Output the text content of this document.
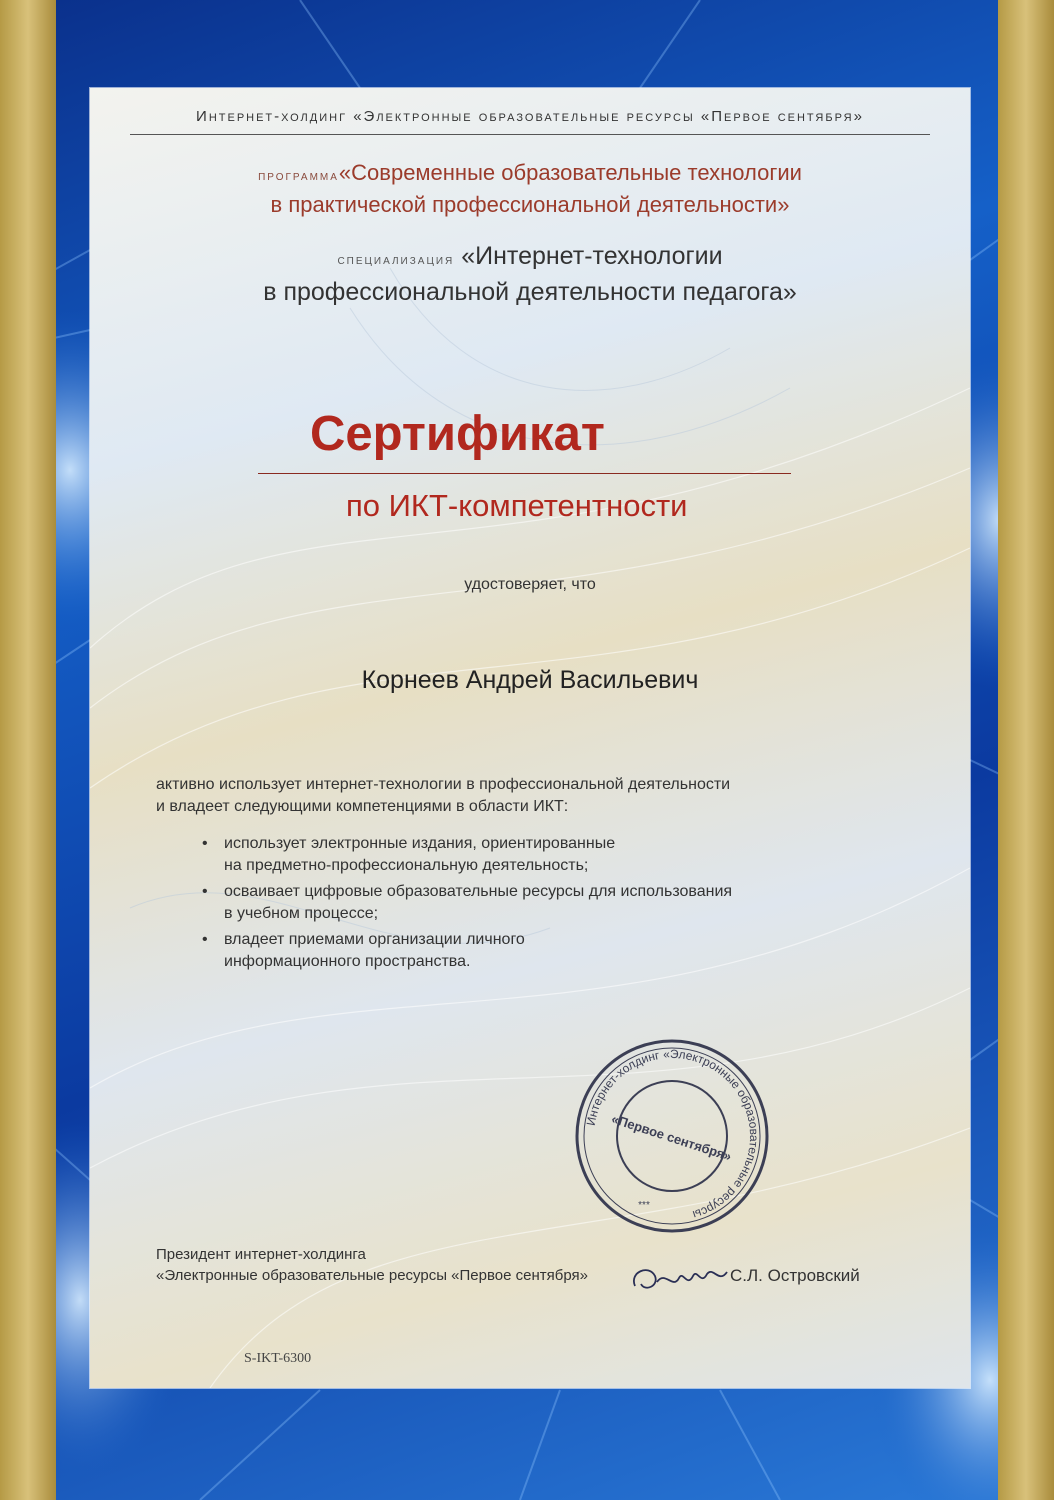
Интернет-холдинг «Электронные образовательные ресурсы «Первое сентября»
программа«Современные образовательные технологии
в практической профессиональной деятельности»
специализация «Интернет-технологии
в профессиональной деятельности педагога»
Сертификат
по ИКТ-компетентности
удостоверяет, что
Корнеев Андрей Васильевич
активно использует интернет-технологии в профессиональной деятельности
и владеет следующими компетенциями в области ИКТ:
• использует электронные издания, ориентированные
на предметно-профессиональную деятельность;
• осваивает цифровые образовательные ресурсы для использования
в учебном процессе;
• владеет приемами организации личного
информационного пространства.
Интернет-холдинг «Электронные образовательные ресурсы
«Первое сентября»
***
Президент интернет-холдинга
«Электронные образовательные ресурсы «Первое сентября»	С.Л. Островский
S-IKT-6300
